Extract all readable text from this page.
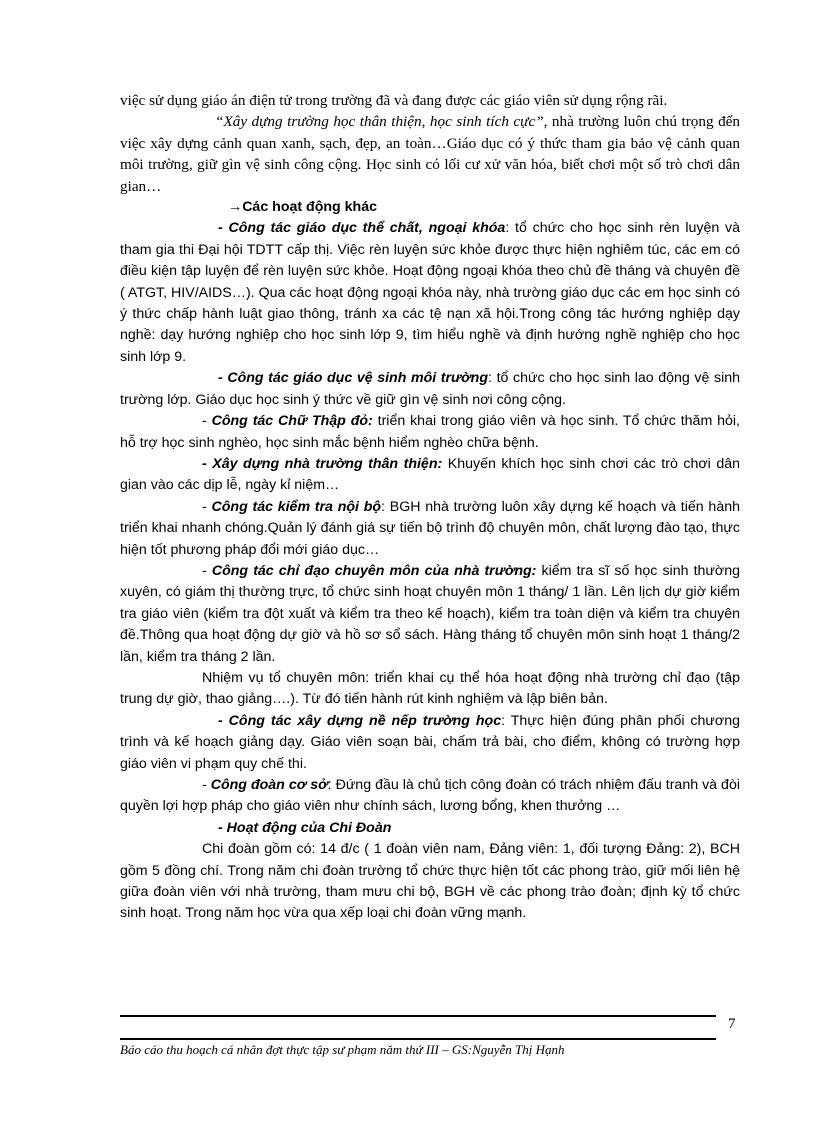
việc sử dụng giáo án điện tử trong trường đã và đang được các giáo viên sử dụng rộng rãi.

“Xây dựng trường học thân thiện, học sinh tích cực”, nhà trường luôn chú trọng đến việc xây dựng cảnh quan xanh, sạch, đẹp, an toàn…Giáo dục có ý thức tham gia bảo vệ cảnh quan môi trường, giữ gìn vệ sinh công cộng. Học sinh có lối cư xử văn hóa, biết chơi một số trò chơi dân gian…

→Các hoạt động khác

- Công tác giáo dục thể chất, ngoại khóa: tổ chức cho học sinh rèn luyện và tham gia thi Đại hội TDTT cấp thị. Việc rèn luyện sức khỏe được thực hiện nghiêm túc, các em có điều kiện tập luyện để rèn luyện sức khỏe. Hoạt động ngoại khóa theo chủ đề tháng và chuyên đề ( ATGT, HIV/AIDS…). Qua các hoạt động ngoại khóa này, nhà trường giáo dục các em học sinh có ý thức chấp hành luật giao thông, tránh xa các tệ nạn xã hội.Trong công tác hướng nghiệp dạy nghề: dạy hướng nghiệp cho học sinh lớp 9, tìm hiểu nghề và định hướng nghề nghiệp cho học sinh lớp 9.

- Công tác giáo dục vệ sinh môi trường: tổ chức cho học sinh lao động vệ sinh trường lớp. Giáo dục học sinh ý thức về giữ gìn vệ sinh nơi công cộng.

- Công tác Chữ Thập đỏ: triển khai trong giáo viên và học sinh. Tổ chức thăm hỏi, hỗ trợ học sinh nghèo, học sinh mắc bệnh hiểm nghèo chữa bệnh.

- Xây dựng nhà trường thân thiện: Khuyến khích học sinh chơi các trò chơi dân gian vào các dịp lễ, ngày kỉ niệm…

- Công tác kiểm tra nội bộ: BGH nhà trường luôn xây dựng kế hoạch và tiến hành triển khai nhanh chóng.Quản lý đánh giá sự tiến bộ trình độ chuyên môn, chất lượng đào tạo, thực hiện tốt phương pháp đổi mới giáo dục…

- Công tác chỉ đạo chuyên môn của nhà trường: kiểm tra sĩ số học sinh thường xuyên, có giám thị thường trực, tổ chức sinh hoạt chuyên môn 1 tháng/ 1 lần. Lên lịch dự giờ kiểm tra giáo viên (kiểm tra đột xuất và kiểm tra theo kế hoạch), kiểm tra toàn diện và kiểm tra chuyên đề.Thông qua hoạt động dự giờ và hồ sơ sổ sách. Hàng tháng tổ chuyên môn sinh hoạt 1 tháng/2 lần, kiểm tra tháng 2 lần.

Nhiệm vụ tổ chuyên môn: triển khai cụ thể hóa hoạt động nhà trường chỉ đạo (tập trung dự giờ, thao giảng….). Từ đó tiến hành rút kinh nghiệm và lập biên bản.

- Công tác xây dựng nề nếp trường học: Thực hiện đúng phân phối chương trình và kế hoạch giảng dạy. Giáo viên soạn bài, chấm trả bài, cho điểm, không có trường hợp giáo viên vi phạm quy chế thi.

- Công đoàn cơ sở: Đứng đầu là chủ tịch công đoàn có trách nhiệm đấu tranh và đòi quyền lợi hợp pháp cho giáo viên như chính sách, lương bổng, khen thưởng …

- Hoạt động của Chi Đoàn

Chi đoàn gồm có: 14 đ/c ( 1 đoàn viên nam, Đảng viên: 1, đối tượng Đảng: 2), BCH gồm 5 đồng chí. Trong năm chi đoàn trường tổ chức thực hiện tốt các phong trào, giữ mối liên hệ giữa đoàn viên với nhà trường, tham mưu chi bộ, BGH về các phong trào đoàn; định kỳ tổ chức sinh hoạt. Trong năm học vừa qua xếp loại chi đoàn vững mạnh.

7
Báo cáo thu hoạch cá nhân đợt thực tập sư phạm năm thứ III – GS:Nguyễn Thị Hạnh
